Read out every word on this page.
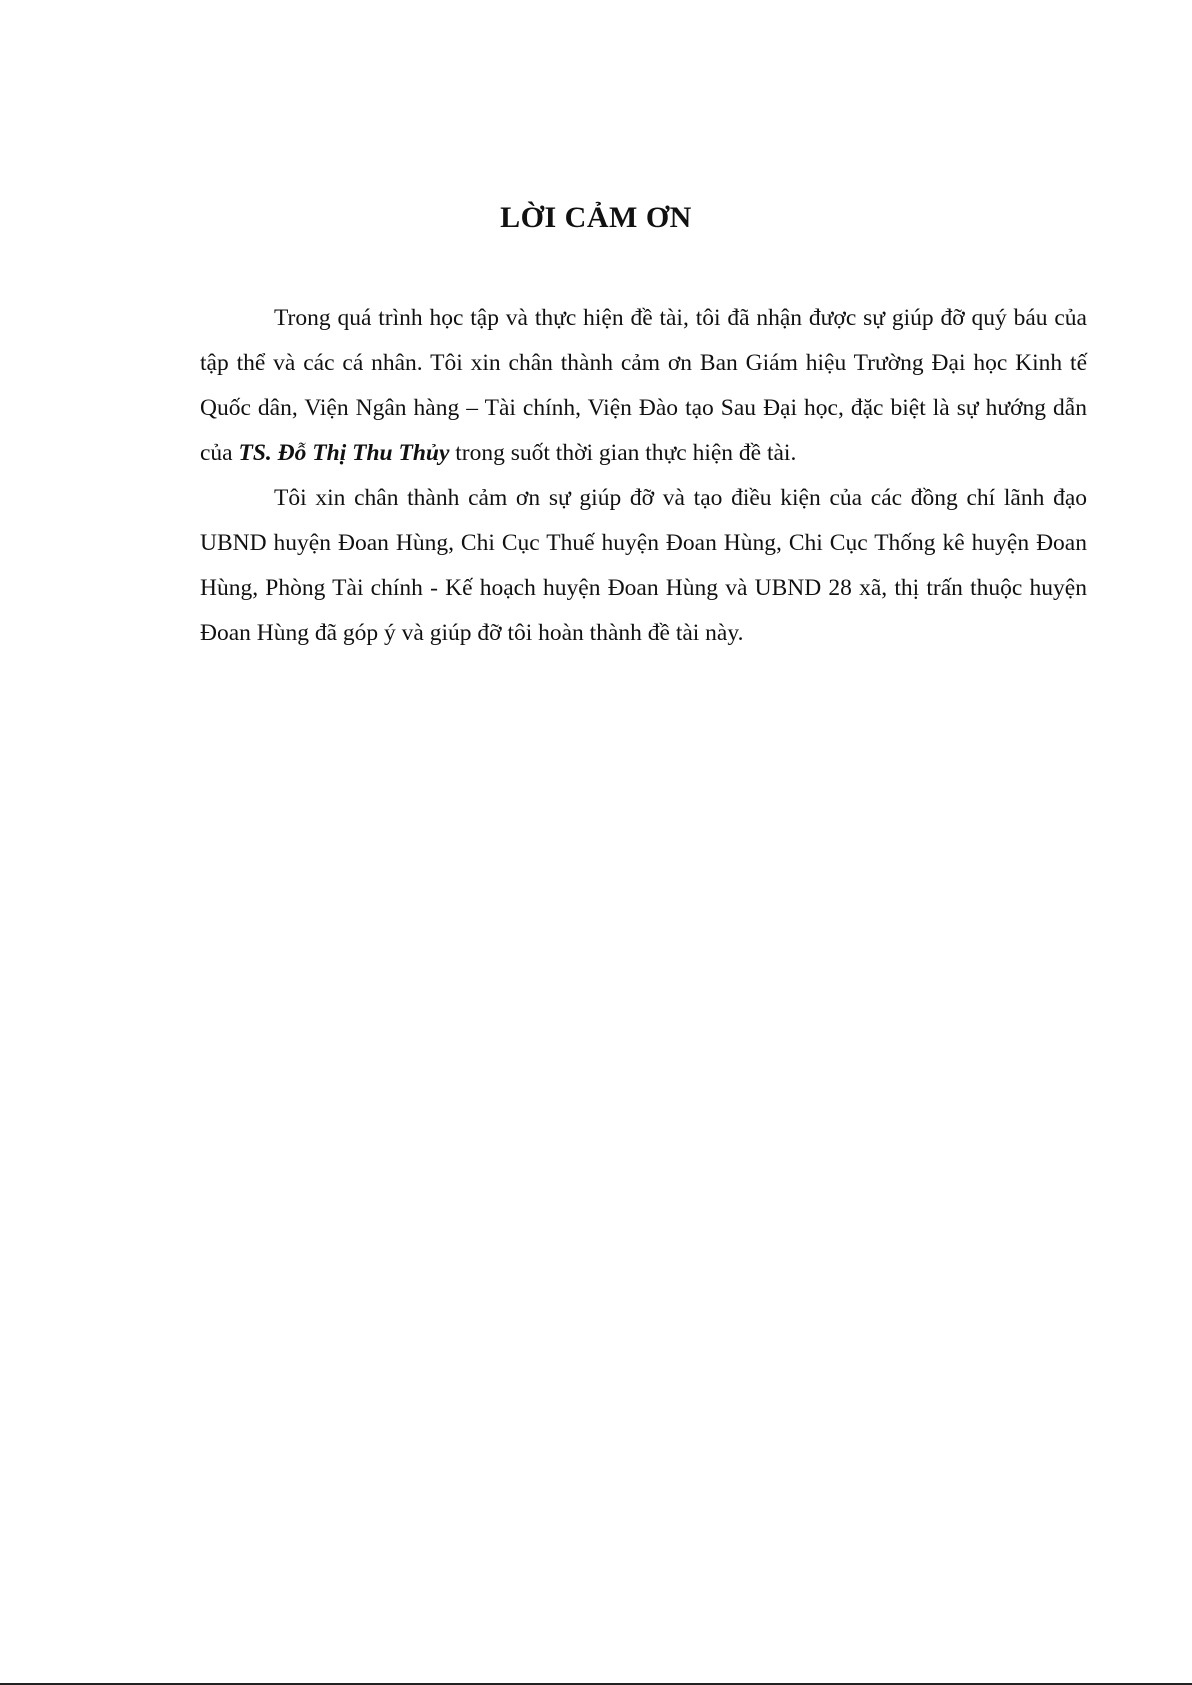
LỜI CẢM ƠN

Trong quá trình học tập và thực hiện đề tài, tôi đã nhận được sự giúp đỡ quý báu của tập thể và các cá nhân. Tôi xin chân thành cảm ơn Ban Giám hiệu Trường Đại học Kinh tế Quốc dân, Viện Ngân hàng – Tài chính, Viện Đào tạo Sau Đại học, đặc biệt là sự hướng dẫn của TS. Đỗ Thị Thu Thủy trong suốt thời gian thực hiện đề tài.

Tôi xin chân thành cảm ơn sự giúp đỡ và tạo điều kiện của các đồng chí lãnh đạo UBND huyện Đoan Hùng, Chi Cục Thuế huyện Đoan Hùng, Chi Cục Thống kê huyện Đoan Hùng, Phòng Tài chính - Kế hoạch huyện Đoan Hùng và UBND 28 xã, thị trấn thuộc huyện Đoan Hùng đã góp ý và giúp đỡ tôi hoàn thành đề tài này.
